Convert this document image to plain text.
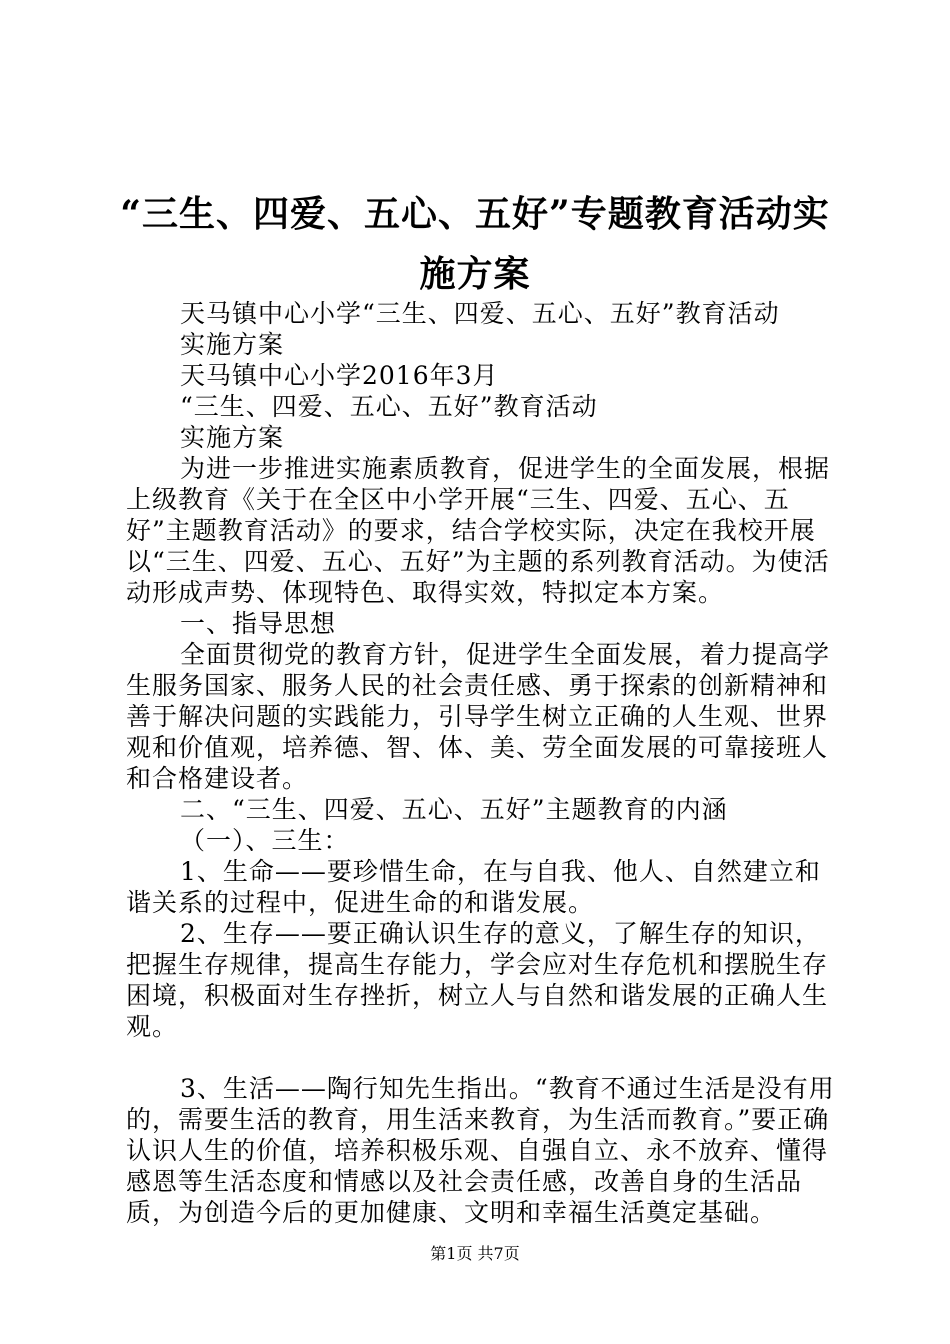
“三生、四爱、五心、五好”专题教育活动实
施方案

天马镇中心小学“三生、四爱、五心、五好”教育活动

实施方案

天马镇中心小学2016年3月

“三生、四爱、五心、五好”教育活动

实施方案

为进一步推进实施素质教育，促进学生的全面发展，根据上级教育《关于在全区中小学开展“三生、四爱、五心、五好”主题教育活动》的要求，结合学校实际，决定在我校开展以“三生、四爱、五心、五好”为主题的系列教育活动。为使活动形成声势、体现特色、取得实效，特拟定本方案。

一、指导思想

全面贯彻党的教育方针，促进学生全面发展，着力提高学生服务国家、服务人民的社会责任感、勇于探索的创新精神和善于解决问题的实践能力，引导学生树立正确的人生观、世界观和价值观，培养德、智、体、美、劳全面发展的可靠接班人和合格建设者。

二、“三生、四爱、五心、五好”主题教育的内涵

（一）、三生：

1、生命——要珍惜生命，在与自我、他人、自然建立和谐关系的过程中，促进生命的和谐发展。

2、生存——要正确认识生存的意义，了解生存的知识，把握生存规律，提高生存能力，学会应对生存危机和摆脱生存困境，积极面对生存挫折，树立人与自然和谐发展的正确人生观。

3、生活——陶行知先生指出。“教育不通过生活是没有用的，需要生活的教育，用生活来教育，为生活而教育。”要正确认识人生的价值，培养积极乐观、自强自立、永不放弃、懂得感恩等生活态度和情感以及社会责任感，改善自身的生活品质，为创造今后的更加健康、文明和幸福生活奠定基础。

第1页 共7页
